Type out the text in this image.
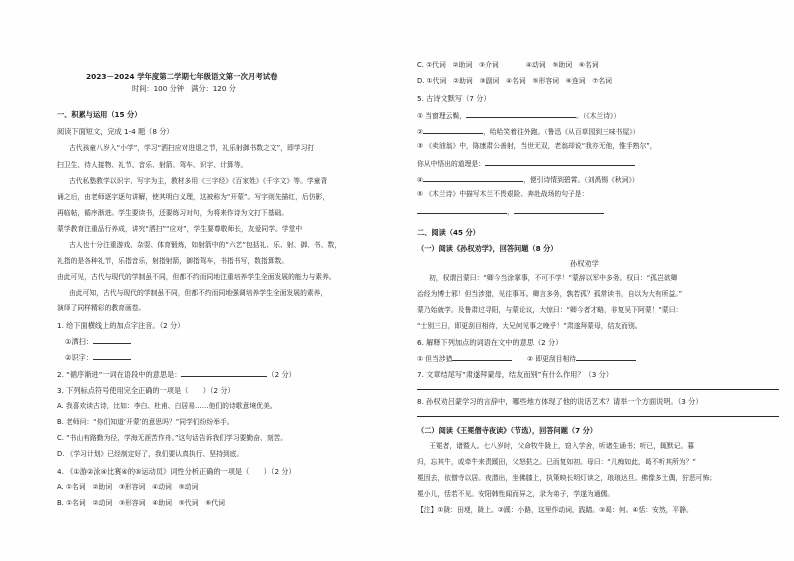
2023－2024 学年度第二学期七年级语文第一次月考试卷
时间：100 分钟　满分：120 分
一、积累与运用（15 分）
阅读下面短文，完成 1-4 题（8 分）
古代孩童八岁入“小学”，学习“洒扫应对进退之节，礼乐射御书数之文”，即学习打
扫卫生、待人接物、礼节、音乐、射箭、驾车、识字、计算等。
古代私塾教学以识字、写字为主，教材多用《三字经》《百家姓》《千字文》等。学童背
诵之后，由老师逐字逐句讲解，使其明白义理，这被称为“开蒙”。写字则先描红，后仿影，
再临帖，循序渐进。学生要读书，还要练习对句，为将来作诗为文打下基础。
蒙学教育注重品行养成，讲究“洒扫”“应对”，学生要尊敬师长，友爱同学。学堂中
古人也十分注重游戏、杂耍、体育锻炼，如射箭中的“六艺”包括礼、乐、射、御、书、数，
礼指的是各种礼节，乐指音乐，射指射箭，御指驾车，书指书写，数指算数。
由此可见，古代与现代的学制虽不同，但都不约而同地注重培养学生全面发展的能力与素养。
由此可知，古代与现代的学制虽不同，但都不约而同地强调培养学生全面发展的素养，
演绎了同样精彩的教育画卷。
1. 给下面横线上的加点字注音。（2 分）
①洒扫：
②识字：
2. “循序渐进”一词在语段中的意思是：	（2 分）
3. 下列标点符号使用完全正确的一项是（　　）（2 分）
A. 我喜欢读古诗，比如：李白、杜甫、白居易……他们的诗歌意境优美。
B. 老师问：“你们知道‘开蒙’的意思吗？”同学们纷纷举手。
C. “书山有路勤为径，学海无涯苦作舟。”这句话告诉我们学习要勤奋、刻苦。
D. 《学习计划》已经制定好了，我们要认真执行、坚持到底。
4. 《①游②泳④比赛④的⑤运动员》词性分析正确的一项是（　　）（2 分）
A. ①名词　②助词　③形容词　④动词　⑤动词
B. ①名词　②动词　③形容词　④助词　⑤代词　⑥代词
C. ①代词　②助词　③介词　　　　④动词　⑤助词　⑥名词
D. ①代词　②助词　③副词　④名词　⑤形容词　⑥连词　⑦名词
5. 古诗文默写（7 分）
① 当窗理云鬓，	。（《木兰诗》）
②	，哈哈笑着往外跑。（鲁迅《从百草园到三味书屋》）
③ 《卖油翁》中，陈康肃公善射，当世无双，老翁却说“我亦无他，惟手熟尔”，
你从中悟出的道理是：
④	，便引诗情到碧霄。（刘禹锡《秋词》）
⑤ 《木兰诗》中描写木兰不畏艰险、奔赴战场的句子是：
，
二、阅读（45 分）
（一）阅读《孙权劝学》，回答问题（8 分）
孙权劝学
初，权谓吕蒙曰：“卿今当涂掌事，不可不学！”蒙辞以军中多务。权曰：“孤岂欲卿
治经为博士邪！但当涉猎，见往事耳。卿言多务，孰若孤？孤常读书，自以为大有所益。”
蒙乃始就学。及鲁肃过寻阳，与蒙论议，大惊曰：“卿今者才略，非复吴下阿蒙！”蒙曰：
“士别三日，即更刮目相待，大兄何见事之晚乎！”肃遂拜蒙母，结友而别。
6. 解释下列加点的词语在文中的意思（2 分）
① 但当涉猎	② 即更刮目相待
7. 文章结尾写“肃遂拜蒙母，结友而别”有什么作用？（3 分）
8. 孙权劝吕蒙学习的言辞中，哪些地方体现了他的说话艺术？请举一个方面说明。（3 分）
（二）阅读《王冕僧寺夜读》（节选），回答问题（7 分）
王冕者，诸暨人。七八岁时，父命牧牛陇上，窃入学舍，听诸生诵书；听已，辄默记。暮
归，忘其牛，或牵牛来责蹊田，父怒挞之。已而复如初。母曰：“儿痴如此，曷不听其所为？”
冕因去，依僧寺以居。夜潜出，坐佛膝上，执策映长明灯读之，琅琅达旦。佛像多土偶，狞恶可怖；
冕小儿，恬若不见。安阳韩性闻而异之，录为弟子，学遂为通儒。
【注】①陇：田埂，陇上。②蹊：小路，这里作动词，践踏。③曷：何。④恬：安然，平静。
